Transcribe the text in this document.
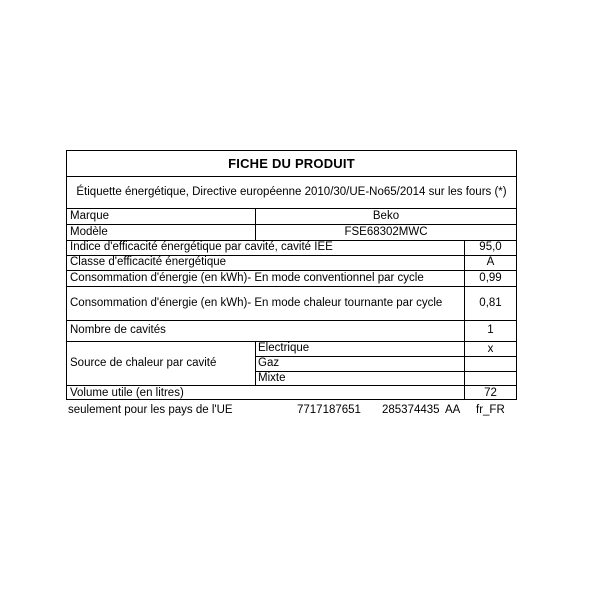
FICHE DU PRODUIT
Étiquette énergétique, Directive européenne 2010/30/UE-No65/2014 sur les fours (*)
Marque	Beko
Modèle	FSE68302MWC
Indice d'efficacité énergétique par cavité, cavité IEE	95,0
Classe d'efficacité énergétique	A
Consommation d'énergie (en kWh)- En mode conventionnel par cycle	0,99
Consommation d'énergie (en kWh)- En mode chaleur tournante par cycle	0,81
Nombre de cavités	1
Source de chaleur par cavité
Electrique	x
Gaz
Mixte
Volume utile (en litres)	72
seulement pour les pays de l'UE	7717187651 285374435 AA fr_FR
